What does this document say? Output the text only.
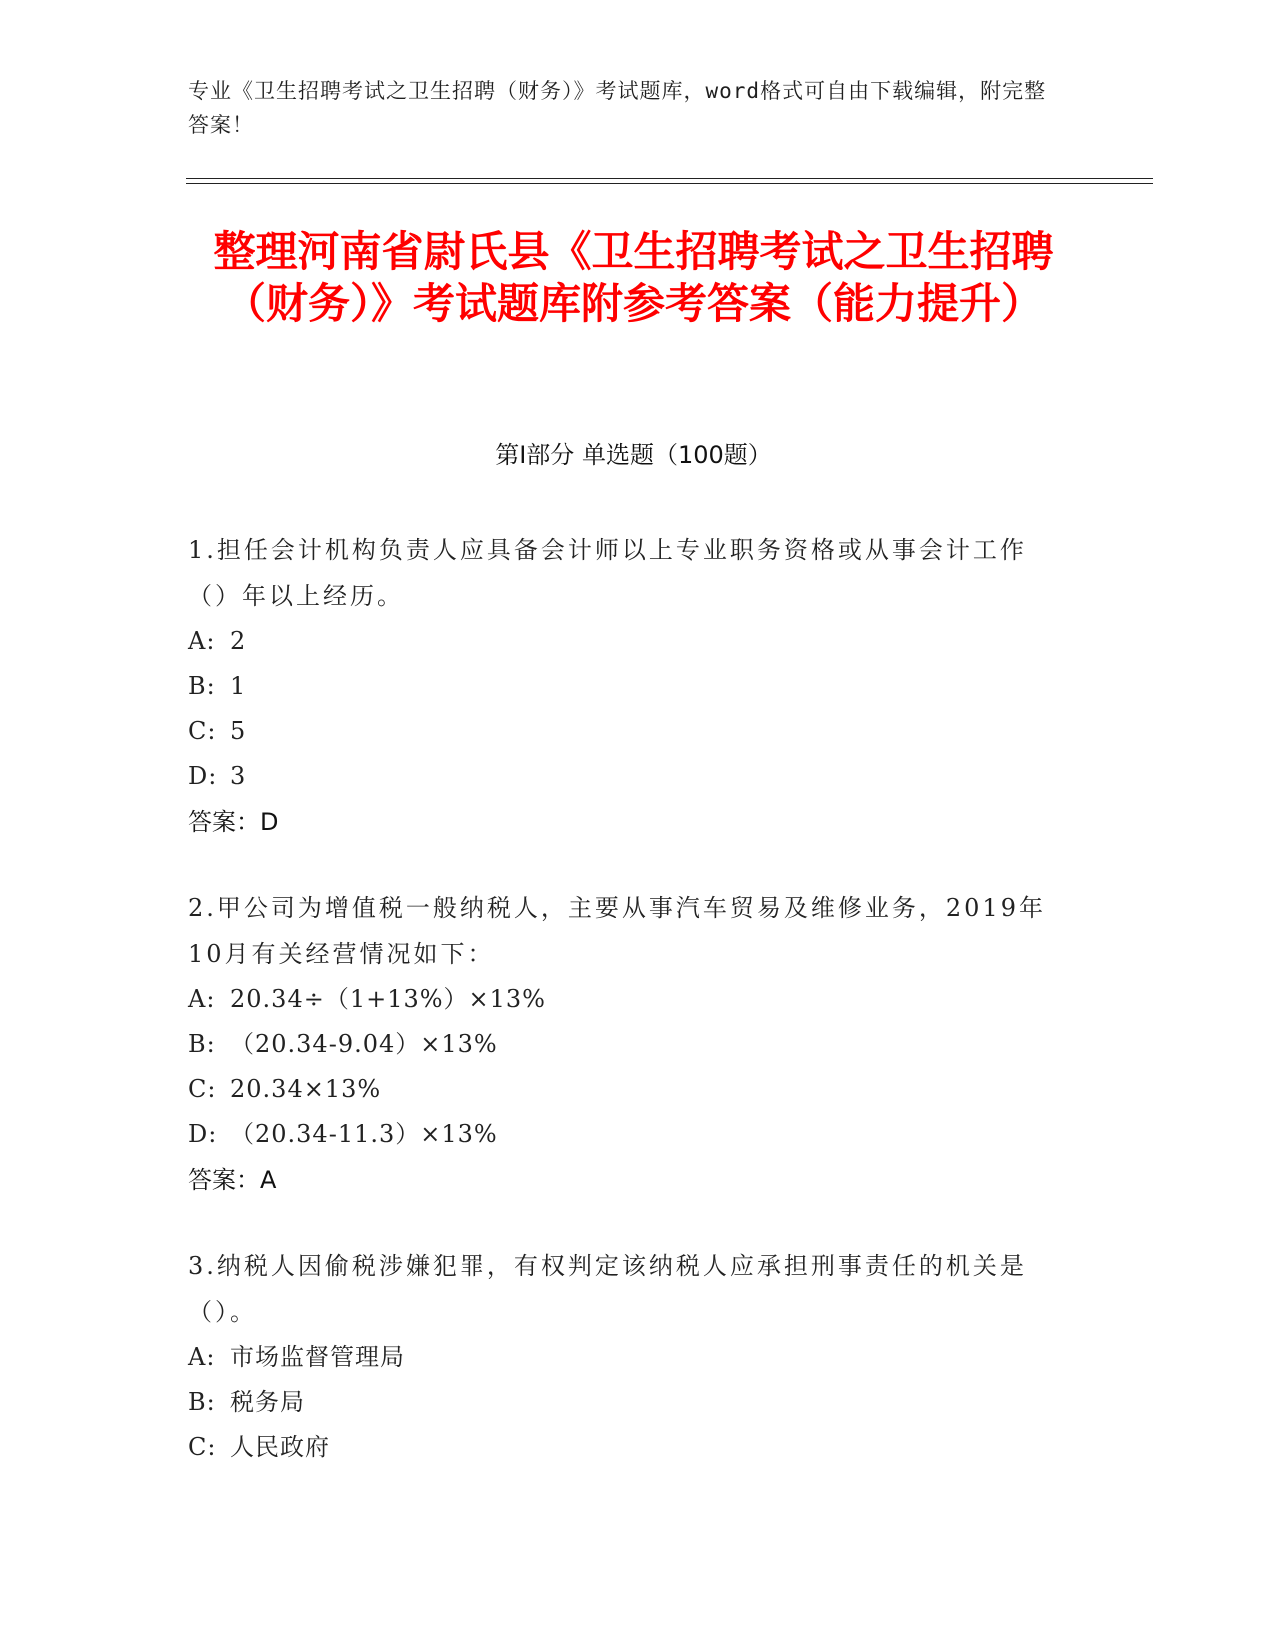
专业《卫生招聘考试之卫生招聘（财务）》考试题库，word格式可自由下载编辑，附完整答案！
整理河南省尉氏县《卫生招聘考试之卫生招聘（财务）》考试题库附参考答案（能力提升）
第Ⅰ部分 单选题（100题）
1.担任会计机构负责人应具备会计师以上专业职务资格或从事会计工作（）年以上经历。
A: 2
B: 1
C: 5
D: 3
答案：D
2.甲公司为增值税一般纳税人，主要从事汽车贸易及维修业务，2019年10月有关经营情况如下：
A: 20.34÷（1+13%）×13%
B: （20.34-9.04）×13%
C: 20.34×13%
D: （20.34-11.3）×13%
答案：A
3.纳税人因偷税涉嫌犯罪，有权判定该纳税人应承担刑事责任的机关是（）。
A: 市场监督管理局
B: 税务局
C: 人民政府
